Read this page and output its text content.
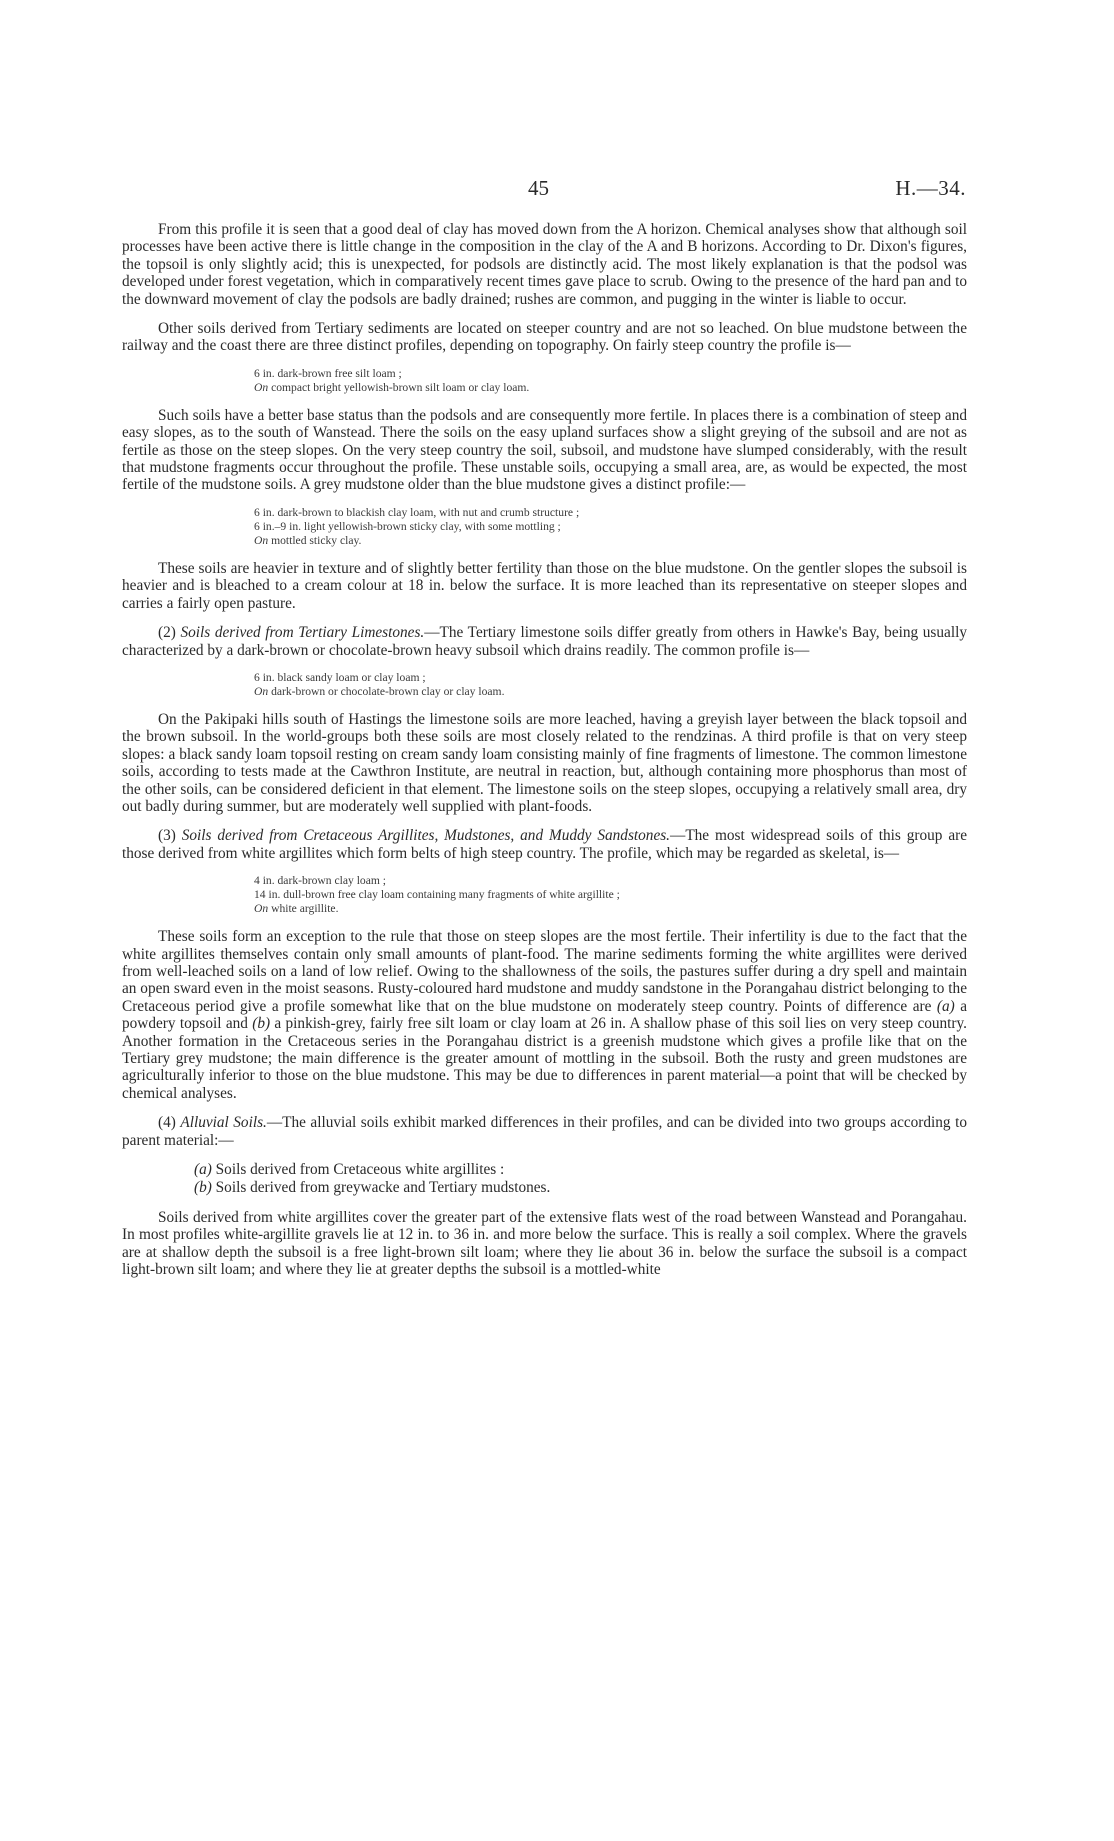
45	H.—34.

From this profile it is seen that a good deal of clay has moved down from the A horizon. Chemical analyses show that although soil processes have been active there is little change in the composition in the clay of the A and B horizons. According to Dr. Dixon's figures, the topsoil is only slightly acid; this is unexpected, for podsols are distinctly acid. The most likely explanation is that the podsol was developed under forest vegetation, which in comparatively recent times gave place to scrub. Owing to the presence of the hard pan and to the downward movement of clay the podsols are badly drained; rushes are common, and pugging in the winter is liable to occur.

Other soils derived from Tertiary sediments are located on steeper country and are not so leached. On blue mudstone between the railway and the coast there are three distinct profiles, depending on topography. On fairly steep country the profile is—

6 in. dark-brown free silt loam ;
On compact bright yellowish-brown silt loam or clay loam.

Such soils have a better base status than the podsols and are consequently more fertile. In places there is a combination of steep and easy slopes, as to the south of Wanstead. There the soils on the easy upland surfaces show a slight greying of the subsoil and are not as fertile as those on the steep slopes. On the very steep country the soil, subsoil, and mudstone have slumped considerably, with the result that mudstone fragments occur throughout the profile. These unstable soils, occupying a small area, are, as would be expected, the most fertile of the mudstone soils. A grey mudstone older than the blue mudstone gives a distinct profile:—

6 in. dark-brown to blackish clay loam, with nut and crumb structure ;
6 in.–9 in. light yellowish-brown sticky clay, with some mottling ;
On mottled sticky clay.

These soils are heavier in texture and of slightly better fertility than those on the blue mudstone. On the gentler slopes the subsoil is heavier and is bleached to a cream colour at 18 in. below the surface. It is more leached than its representative on steeper slopes and carries a fairly open pasture.

(2) Soils derived from Tertiary Limestones.—The Tertiary limestone soils differ greatly from others in Hawke's Bay, being usually characterized by a dark-brown or chocolate-brown heavy subsoil which drains readily. The common profile is—

6 in. black sandy loam or clay loam ;
On dark-brown or chocolate-brown clay or clay loam.

On the Pakipaki hills south of Hastings the limestone soils are more leached, having a greyish layer between the black topsoil and the brown subsoil. In the world-groups both these soils are most closely related to the rendzinas. A third profile is that on very steep slopes: a black sandy loam topsoil resting on cream sandy loam consisting mainly of fine fragments of limestone. The common limestone soils, according to tests made at the Cawthron Institute, are neutral in reaction, but, although containing more phosphorus than most of the other soils, can be considered deficient in that element. The limestone soils on the steep slopes, occupying a relatively small area, dry out badly during summer, but are moderately well supplied with plant-foods.

(3) Soils derived from Cretaceous Argillites, Mudstones, and Muddy Sandstones.—The most widespread soils of this group are those derived from white argillites which form belts of high steep country. The profile, which may be regarded as skeletal, is—

4 in. dark-brown clay loam ;
14 in. dull-brown free clay loam containing many fragments of white argillite ;
On white argillite.

These soils form an exception to the rule that those on steep slopes are the most fertile. Their infertility is due to the fact that the white argillites themselves contain only small amounts of plant-food. The marine sediments forming the white argillites were derived from well-leached soils on a land of low relief. Owing to the shallowness of the soils, the pastures suffer during a dry spell and maintain an open sward even in the moist seasons. Rusty-coloured hard mudstone and muddy sandstone in the Porangahau district belonging to the Cretaceous period give a profile somewhat like that on the blue mudstone on moderately steep country. Points of difference are (a) a powdery topsoil and (b) a pinkish-grey, fairly free silt loam or clay loam at 26 in. A shallow phase of this soil lies on very steep country. Another formation in the Cretaceous series in the Porangahau district is a greenish mudstone which gives a profile like that on the Tertiary grey mudstone; the main difference is the greater amount of mottling in the subsoil. Both the rusty and green mudstones are agriculturally inferior to those on the blue mudstone. This may be due to differences in parent material—a point that will be checked by chemical analyses.

(4) Alluvial Soils.—The alluvial soils exhibit marked differences in their profiles, and can be divided into two groups according to parent material:—

(a) Soils derived from Cretaceous white argillites :
(b) Soils derived from greywacke and Tertiary mudstones.

Soils derived from white argillites cover the greater part of the extensive flats west of the road between Wanstead and Porangahau. In most profiles white-argillite gravels lie at 12 in. to 36 in. and more below the surface. This is really a soil complex. Where the gravels are at shallow depth the subsoil is a free light-brown silt loam; where they lie about 36 in. below the surface the subsoil is a compact light-brown silt loam; and where they lie at greater depths the subsoil is a mottled-white
